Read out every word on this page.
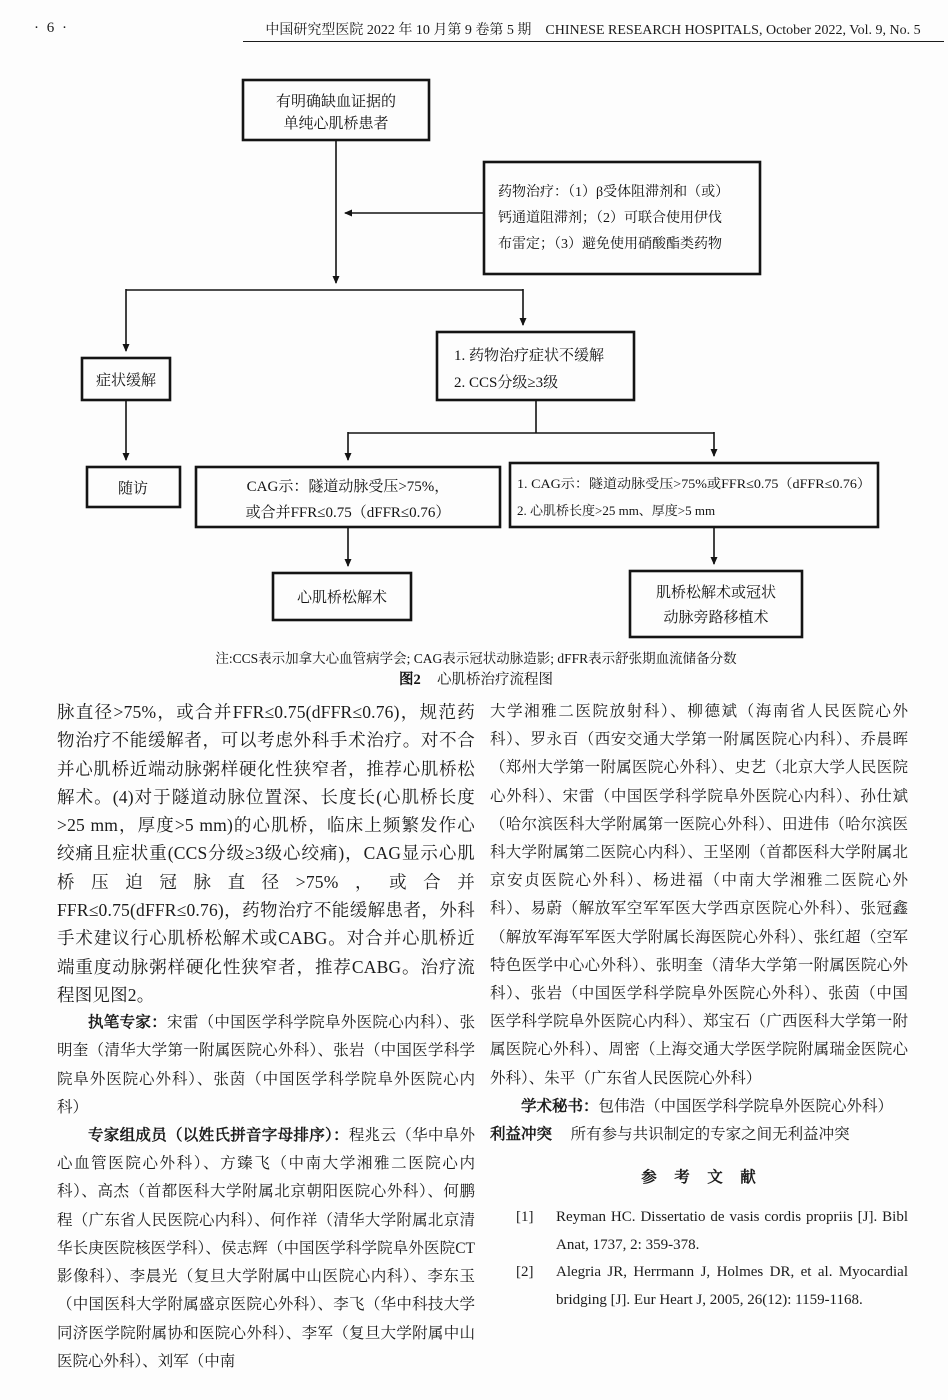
· 6 ·	中国研究型医院 2022 年 10 月第 9 卷第 5 期　CHINESE RESEARCH HOSPITALS, October 2022, Vol. 9, No. 5
有明确缺血证据的
单纯心肌桥患者
药物治疗：（1）β受体阻滞剂和（或）
钙通道阻滞剂；（2）可联合使用伊伐
布雷定；（3）避免使用硝酸酯类药物
症状缓解
1. 药物治疗症状不缓解
2. CCS分级≥3级
随访	CAG示：隧道动脉受压>75%，
或合并FFR≤0.75（dFFR≤0.76）
1. CAG示：隧道动脉受压>75%或FFR≤0.75（dFFR≤0.76）
2. 心肌桥长度>25 mm、厚度>5 mm
心肌桥松解术	肌桥松解术或冠状
动脉旁路移植术
注:CCS表示加拿大心血管病学会; CAG表示冠状动脉造影; dFFR表示舒张期血流储备分数
图2 心肌桥治疗流程图

脉直径>75%，或合并FFR≤0.75(dFFR≤0.76)，规范药物治疗不能缓解者，可以考虑外科手术治疗。对不合并心肌桥近端动脉粥样硬化性狭窄者，推荐心肌桥松解术。(4)对于隧道动脉位置深、长度长(心肌桥长度>25 mm，厚度>5 mm)的心肌桥，临床上频繁发作心绞痛且症状重(CCS分级≥3级心绞痛)，CAG显示心肌桥压迫冠脉直径>75%，或合并FFR≤0.75(dFFR≤0.76)，药物治疗不能缓解患者，外科手术建议行心肌桥松解术或CABG。对合并心肌桥近端重度动脉粥样硬化性狭窄者，推荐CABG。治疗流程图见图2。

执笔专家：宋雷（中国医学科学院阜外医院心内科）、张明奎（清华大学第一附属医院心外科）、张岩（中国医学科学院阜外医院心外科）、张茵（中国医学科学院阜外医院心内科）

专家组成员（以姓氏拼音字母排序）：程兆云（华中阜外心血管医院心外科）、方臻飞（中南大学湘雅二医院心内科）、高杰（首都医科大学附属北京朝阳医院心外科）、何鹏程（广东省人民医院心内科）、何作祥（清华大学附属北京清华长庚医院核医学科）、侯志辉（中国医学科学院阜外医院CT影像科）、李晨光（复旦大学附属中山医院心内科）、李东玉（中国医科大学附属盛京医院心外科）、李飞（华中科技大学同济医学院附属协和医院心外科）、李军（复旦大学附属中山医院心外科）、刘军（中南

大学湘雅二医院放射科）、柳德斌（海南省人民医院心外科）、罗永百（西安交通大学第一附属医院心内科）、乔晨晖（郑州大学第一附属医院心外科）、史艺（北京大学人民医院心外科）、宋雷（中国医学科学院阜外医院心内科）、孙仕斌（哈尔滨医科大学附属第一医院心外科）、田进伟（哈尔滨医科大学附属第二医院心内科）、王坚刚（首都医科大学附属北京安贞医院心外科）、杨进福（中南大学湘雅二医院心外科）、易蔚（解放军空军军医大学西京医院心外科）、张冠鑫（解放军海军军医大学附属长海医院心外科）、张红超（空军特色医学中心心外科）、张明奎（清华大学第一附属医院心外科）、张岩（中国医学科学院阜外医院心外科）、张茵（中国医学科学院阜外医院心内科）、郑宝石（广西医科大学第一附属医院心外科）、周密（上海交通大学医学院附属瑞金医院心外科）、朱平（广东省人民医院心外科）

学术秘书：包伟浩（中国医学科学院阜外医院心外科）

利益冲突 所有参与共识制定的专家之间无利益冲突

参　考　文　献
[1]	Reyman HC. Dissertatio de vasis cordis propriis [J]. Bibl Anat, 1737, 2: 359-378.
[2]	Alegria JR, Herrmann J, Holmes DR, et al. Myocardial bridging [J]. Eur Heart J, 2005, 26(12): 1159-1168.
